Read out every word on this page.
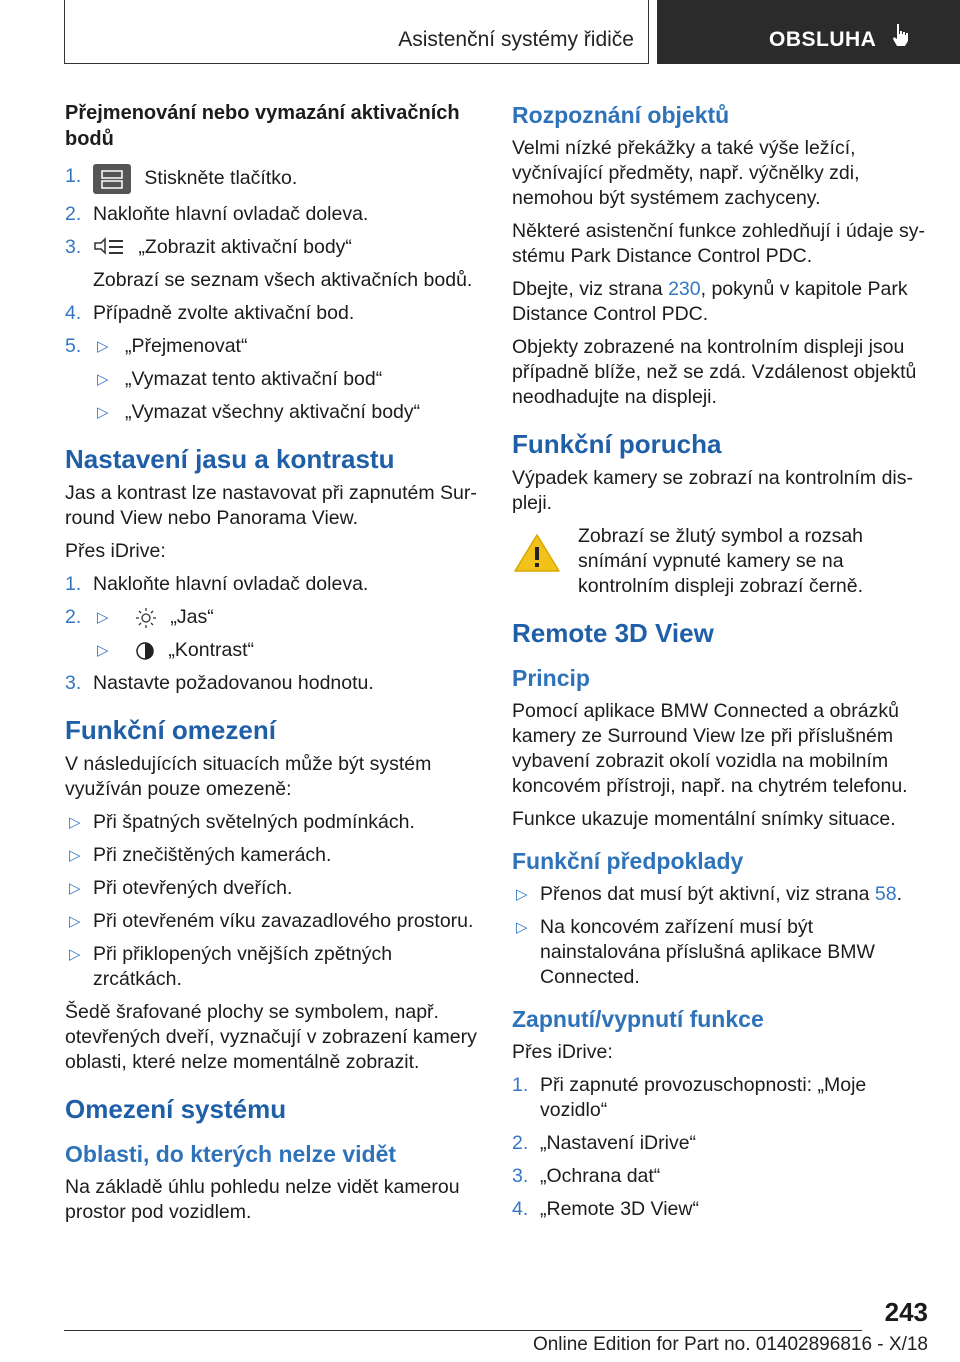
Asistenční systémy řidiče	OBSLUHA
Přejmenování nebo vymazání aktivačních bodů
1.	Stiskněte tlačítko.
2. Nakloňte hlavní ovladač doleva.
3.	„Zobrazit aktivační body“
Zobrazí se seznam všech aktivačních bodů.
4. Případně zvolte aktivační bod.
5. ▷ „Přejmenovat“
▷ „Vymazat tento aktivační bod“
▷ „Vymazat všechny aktivační body“
Nastavení jasu a kontrastu

Jas a kontrast lze nastavovat při zapnutém Surround View nebo Panorama View.

Přes iDrive:

1. Nakloňte hlavní ovladač doleva.
2. ▷	„Jas“
▷	„Kontrast“
3. Nastavte požadovanou hodnotu.
Funkční omezení

V následujících situacích může být systém využíván pouze omezeně:

▷ Při špatných světelných podmínkách.
▷ Při znečištěných kamerách.
▷ Při otevřených dveřích.
▷ Při otevřeném víku zavazadlového prostoru.
▷ Při přiklopených vnějších zpětných zrcátkách.

Šedě šrafované plochy se symbolem, např. otevřených dveří, vyznačují v zobrazení kamery oblasti, které nelze momentálně zobrazit.

Omezení systému
Oblasti, do kterých nelze vidět

Na základě úhlu pohledu nelze vidět kamerou prostor pod vozidlem.

Rozpoznání objektů

Velmi nízké překážky a také výše ležící, vyčnívající předměty, např. výčnělky zdi, nemohou být systémem zachyceny.

Některé asistenční funkce zohledňují i údaje systému Park Distance Control PDC.

Dbejte, viz strana 230, pokynů v kapitole Park Distance Control PDC.

Objekty zobrazené na kontrolním displeji jsou případně blíže, než se zdá. Vzdálenost objektů neodhadujte na displeji.

Funkční porucha

Výpadek kamery se zobrazí na kontrolním displeji.

Zobrazí se žlutý symbol a rozsah snímání vypnuté kamery se na kontrolním displeji zobrazí černě.

Remote 3D View
Princip

Pomocí aplikace BMW Connected a obrázků kamery ze Surround View lze při příslušném vybavení zobrazit okolí vozidla na mobilním koncovém přístroji, např. na chytrém telefonu.

Funkce ukazuje momentální snímky situace.

Funkční předpoklady
▷ Přenos dat musí být aktivní, viz strana 58.
▷ Na koncovém zařízení musí být nainstalována příslušná aplikace BMW Connected.
Zapnutí/vypnutí funkce

Přes iDrive:

1. Při zapnuté provozuschopnosti: „Moje vozidlo“
2. „Nastavení iDrive“
3. „Ochrana dat“
4. „Remote 3D View“
243
Online Edition for Part no. 01402896816 - X/18
